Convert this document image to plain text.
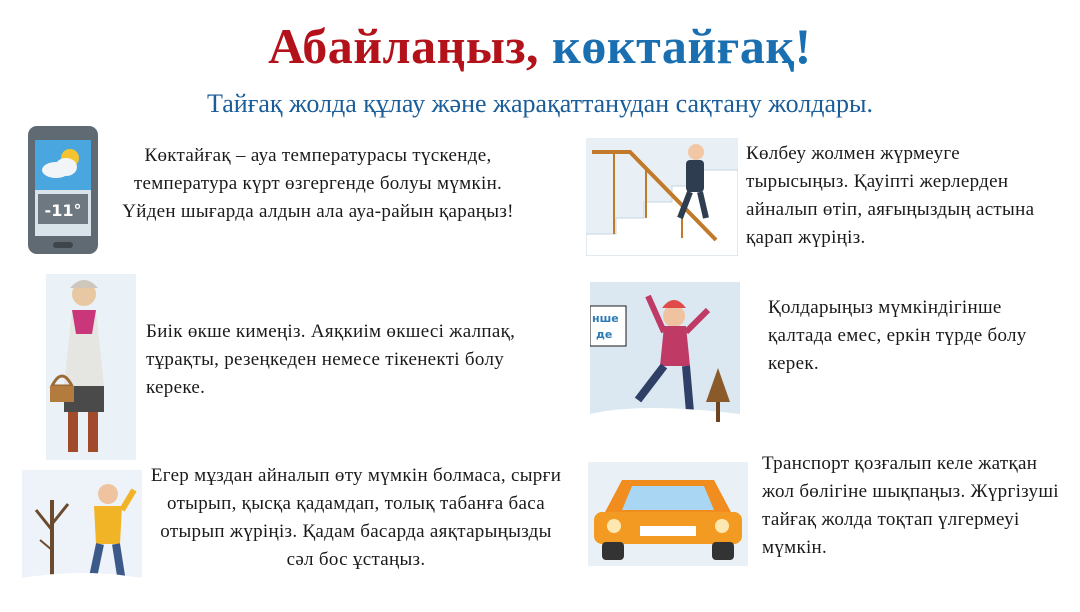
Абайлаңыз, көктайғақ!
Тайғақ жолда құлау және жарақаттанудан сақтану жолдары.
-11°
Көктайғақ – ауа температурасы түскенде, температура күрт өзгергенде болуы мүмкін. Үйден шығарда алдын ала ауа-райын қараңыз!
Көлбеу жолмен жүрмеуге тырысыңыз. Қауіпті жерлерден айналып өтіп, аяғыңыздың астына қарап жүріңіз.
Биік өкше кимеңіз. Аяқкиім өкшесі жалпақ, тұрақты, резеңкеден немесе тікенекті болу кереке.
нше
де
Қолдарыңыз мүмкіндігінше қалтада емес, еркін түрде болу керек.
Егер мұздан айналып өту мүмкін болмаса, сырғи отырып, қысқа қадамдап, толық табанға баса отырып жүріңіз. Қадам басарда аяқтарыңызды сәл бос ұстаңыз.
Транспорт қозғалып келе жатқан жол бөлігіне шықпаңыз. Жүргізуші тайғақ жолда тоқтап үлгермеуі мүмкін.
